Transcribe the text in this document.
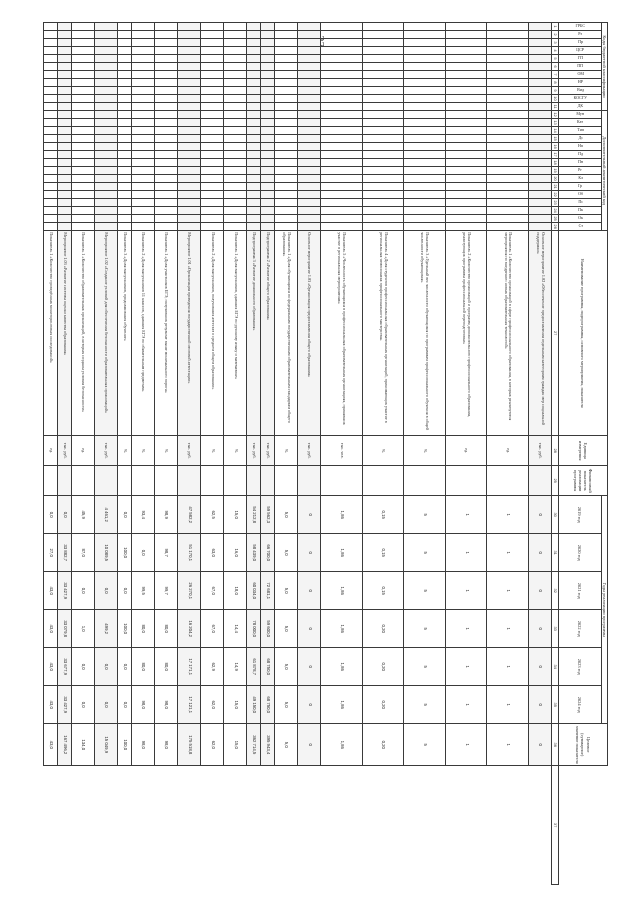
23	Коды бюджетной классификации											Дополнительный аналитический код															Наименование программы, подпрограммы, основного мероприятия, показателя	Единица измерения	Финансовый показатель реализации программы	Годы реализации программы						Целевое (суммарное) значение показателя	
ГРБС	Рз	Пр	ЦСР	ГП	ПП	ОМ	НР	Вид	КОСГУ	ДК	Мун	Кат	Тип	Дс	Нп	Пд	Пн	Рг	Кл	Гр	Об	Пс	Пк	Ок	Ст				2019 год	2020 год	2021 год	2022 год	2023 год	2024 год		

1	2	3	4	5	6	7	8	9	10	11	12	13	14	15	16	17	18	19	20	21	22	23	24	25	26	27	28	29	30	31	32	33	34	35	36	37
																										Основное мероприятие 1.02 «Обеспечение предоставления отдельным категориям граждан мер социальной поддержки»	тыс. руб.		0	0	0	0	0	0	0	
																										Показатель 1 «Количество организаций в сфере профессионального образования, в которых реализуются мероприятия по внедрению новых образовательных технологий»	ед.		1	1	1	1	1	1	1	
																										Показатель 2 «Количество организаций и программ дополнительного профессионального образования, реализующих программы профессиональной переподготовки»	ед.		1	1	1	1	1	1	1	
																										Показатель 3 «Удельный вес численности обучающихся по программам профессионального обучения в общей численности обучающихся»	%		5	5	5	5	5	5	5	
																										Показатель 4 «Доля студентов профессиональных образовательных организаций, принимающих участие в региональных чемпионатах профессионального мастерства»	%		0,15	0,15	0,15	0,20	0,20	0,20	0,20	
																										Показатель 5 «Численность обучающихся в профессиональных образовательных организациях, принявших участие в региональных мероприятиях»	тыс. чел.		1,86	1,86	1,86	1,86	1,86	1,86	1,86	
																										Основное мероприятие 1.03 «Организация предоставления общего образования»	тыс. руб.		0	0	0	0	0	0	0	
																										Показатель 1 «Доля обучающихся по федеральным государственным образовательным стандартам общего образования»	%		5,0	5,0	5,0	5,0	5,0	5,0	5,0	
																										Подпрограмма 2 «Развитие общего образования»	тыс. руб.		59 562,3	66 700,0	72 681,1	59 600,0	68 750,0	68 750,0	395 943,4	
																										Подпрограмма 3 «Развитие дошкольного образования»	тыс. руб.		54 212,8	58 439,0	60 034,0	78 000,0	61 878,7	49 150,0	362 714,5	
																										Показатель 1 «Доля выпускников, сдавших ЕГЭ по русскому языку и математике»	%		15,0	16,0	18,0	14,4	14,9	15,0	15,0	
																										Показатель 2 «Доля выпускников, получивших аттестат о среднем общем образовании»	%		62,5	63,0	67,0	67,0	62,9	62,0	62,0	
																										Мероприятие 1.01 «Организация проведения государственной итоговой аттестации»	тыс. руб.		47 582,2	51 170,1	26 270,1	16 204,2	17 171,1	17 121,1	175 518,8	
																										Показатель 1 «Доля участников ЕГЭ, получивших результат выше минимального порога»	%		98,9	98,7	99,7	80,0	80,0	98,0	98,0	
																										Показатель 2 «Доля выпускников 11 классов, сдавших ЕГЭ по обязательным предметам»	%		93,4	0,0	99,5	80,0	80,0	98,0	98,0	
																										Показатель 3 «Доля выпускников, продолживших обучение»	%		0,0	100,0	0,0	100,0	0,0	0,0	100,0	
																										Мероприятие 1.02 «Создание условий для обеспечения безопасности образовательных организаций»	тыс. руб.		4 461,2	10 089,5	0,0	499,2	0,0	0,0	15 049,9	
																										Показатель 1 «Количество образовательных организаций, в которых созданы условия безопасности»	ед.		45,9	87,0	0,0	1,0	0,0	0,0	134,0	
																										Мероприятие 1.03 «Развитие системы оценки качества образования»	тыс. руб.		0,0	33 882,7	33 427,9	33 079,8	33 677,9	33 427,9	167 496,2	
																										Показатель 1 «Количество проведённых мониторинговых исследований»	ед.		0,0	27,0	43,0	43,0	43,0	43,0	43,0	
